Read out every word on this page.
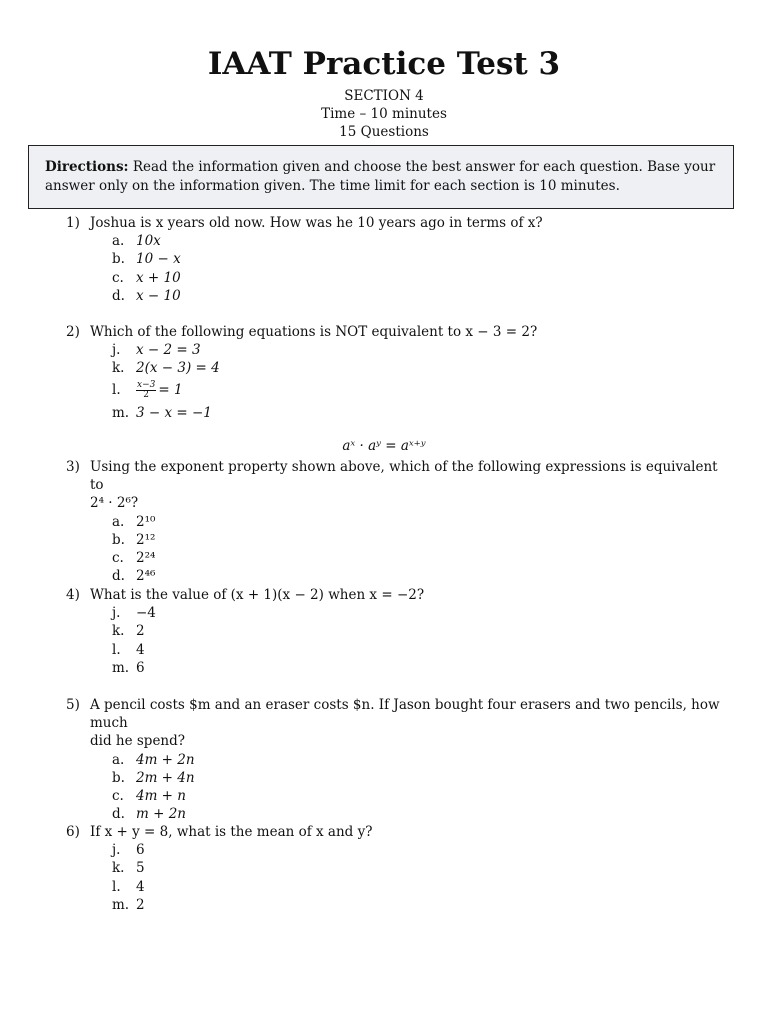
IAAT Practice Test 3
SECTION 4
Time – 10 minutes
15 Questions
Directions: Read the information given and choose the best answer for each question. Base your answer only on the information given. The time limit for each section is 10 minutes.
1) Joshua is x years old now. How was he 10 years ago in terms of x?
a. 10x
b. 10 − x
c. x + 10
d. x − 10
2) Which of the following equations is NOT equivalent to x − 3 = 2?
j.	x − 2 = 3
k. 2(x − 3) = 4
l.	$\frac{x-3}{2} = 1$
m. 3 − x = −1
aˣ · aʸ = aˣ⁺ʸ
3) Using the exponent property shown above, which of the following expressions is equivalent to
2⁴ · 2⁶?
a. 2¹⁰
b. 2¹²
c. 2²⁴
d. 2⁴⁶
4) What is the value of (x + 1)(x − 2) when x = −2?
j.	−4
k. 2
l.	4
m. 6
5) A pencil costs $m and an eraser costs $n. If Jason bought four erasers and two pencils, how much
did he spend?
a. 4m + 2n
b. 2m + 4n
c. 4m + n
d. m + 2n
6) If x + y = 8, what is the mean of x and y?
j.	6
k. 5
l.	4
m. 2
